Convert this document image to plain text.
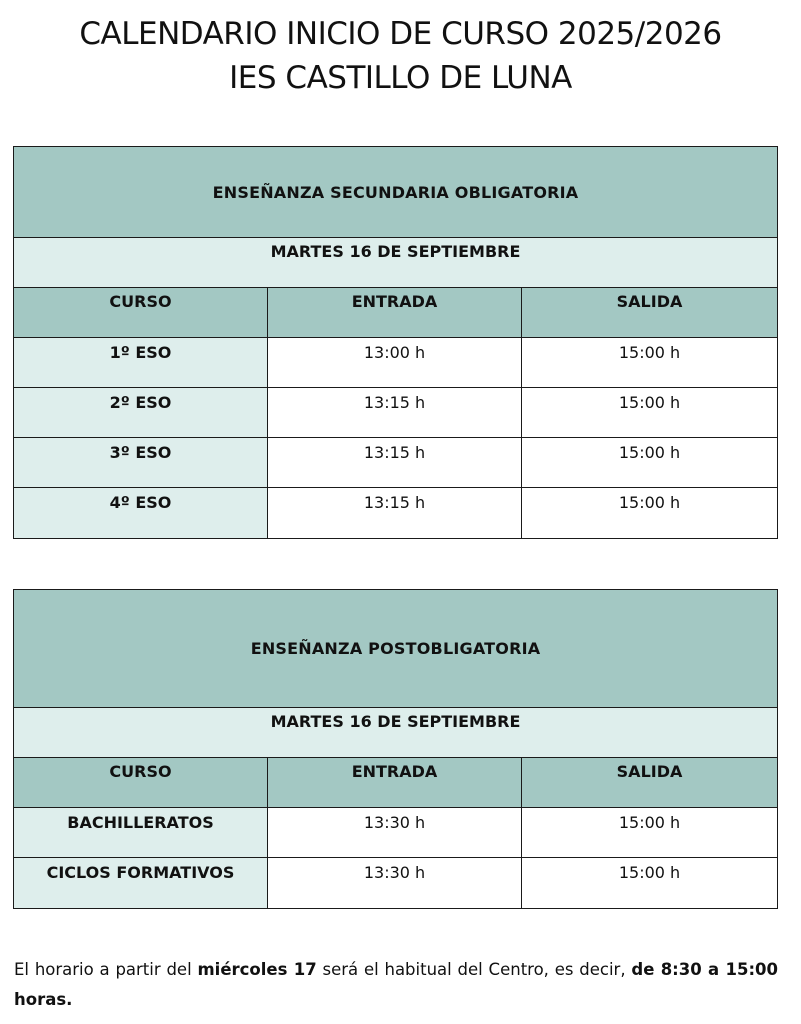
CALENDARIO INICIO DE CURSO 2025/2026
IES CASTILLO DE LUNA
ENSEÑANZA SECUNDARIA OBLIGATORIA		
MARTES 16 DE SEPTIEMBRE		
CURSO	ENTRADA	SALIDA
1º ESO	13:00 h	15:00 h
2º ESO	13:15 h	15:00 h
3º ESO	13:15 h	15:00 h
4º ESO	13:15 h	15:00 h
ENSEÑANZA POSTOBLIGATORIA		
MARTES 16 DE SEPTIEMBRE		
CURSO	ENTRADA	SALIDA
BACHILLERATOS	13:30 h	15:00 h
CICLOS FORMATIVOS	13:30 h	15:00 h
El horario a partir del miércoles 17 será el habitual del Centro, es decir, de 8:30 a 15:00 horas.
